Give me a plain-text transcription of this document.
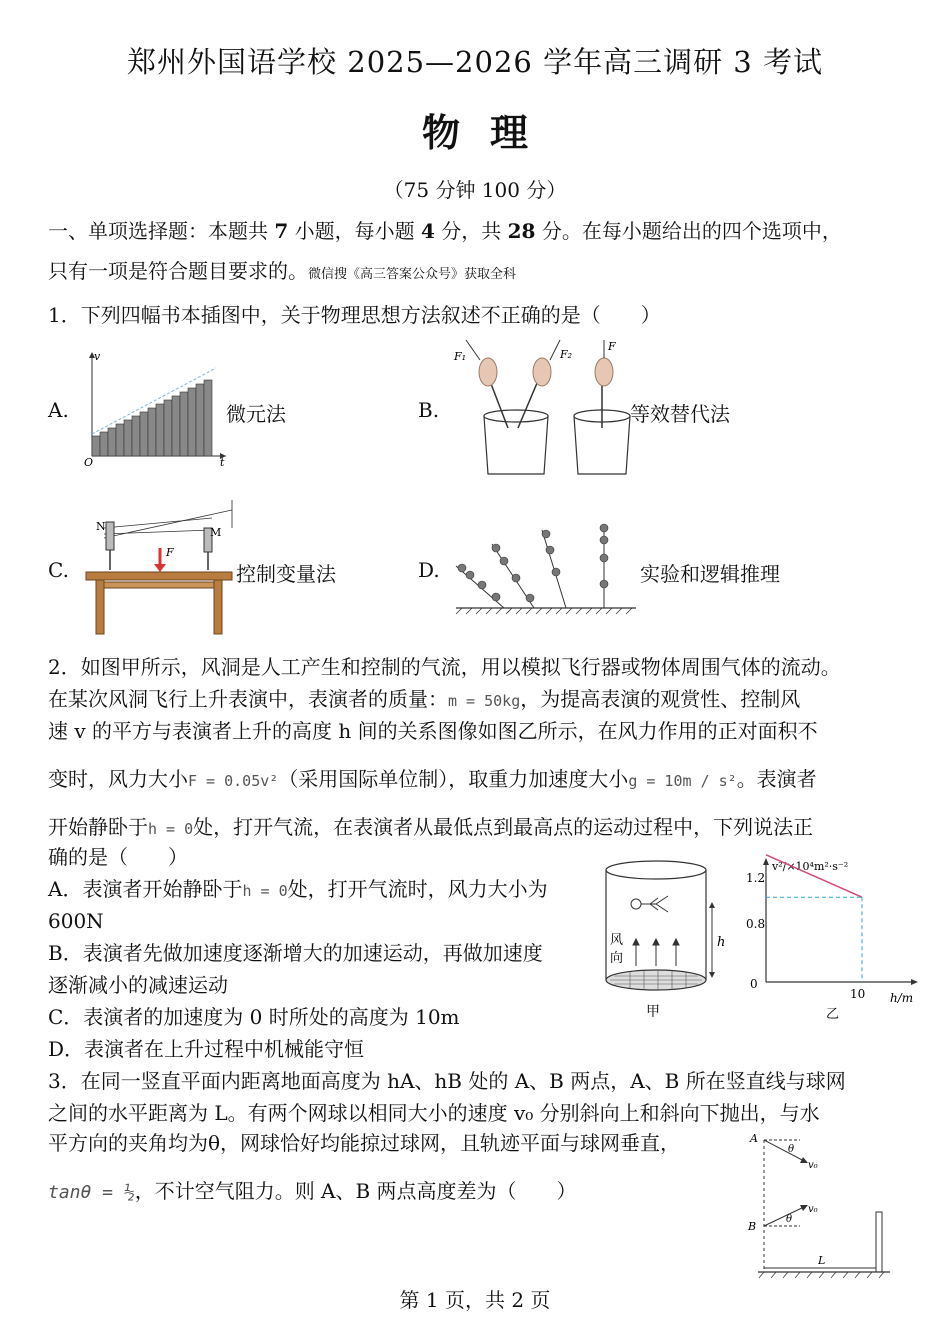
郑州外国语学校 2025—2026 学年高三调研 3 考试
物理
（75 分钟 100 分）
一、单项选择题：本题共 7 小题，每小题 4 分，共 28 分。在每小题给出的四个选项中，
只有一项是符合题目要求的。微信搜《高三答案公众号》获取全科
1．下列四幅书本插图中，关于物理思想方法叙述不正确的是（　　）
A.
v
O	t
微元法	B.
F₁	F₂
F
等效替代法
C.
N	M
F
控制变量法	D.	实验和逻辑推理
2．如图甲所示，风洞是人工产生和控制的气流，用以模拟飞行器或物体周围气体的流动。
在某次风洞飞行上升表演中，表演者的质量：m = 50kg，为提高表演的观赏性、控制风
速 v 的平方与表演者上升的高度 h 间的关系图像如图乙所示，在风力作用的正对面积不
变时，风力大小F = 0.05v²（采用国际单位制），取重力加速度大小g = 10m / s²。表演者
开始静卧于h = 0处，打开气流，在表演者从最低点到最高点的运动过程中，下列说法正
确的是（　　）
A．表演者开始静卧于h = 0处，打开气流时，风力大小为
600N
B．表演者先做加速度逐渐增大的加速运动，再做加速度
逐渐减小的减速运动
C．表演者的加速度为 0 时所处的高度为 10m
D．表演者在上升过程中机械能守恒
h
风
向
甲
v²/×10⁴m²·s⁻²
h/m
1.2
0.8
0
10
乙
3．在同一竖直平面内距离地面高度为 hA、hB 处的 A、B 两点，A、B 所在竖直线与球网
之间的水平距离为 L。有两个网球以相同大小的速度 v₀ 分别斜向上和斜向下抛出，与水
平方向的夹角均为θ，网球恰好均能掠过球网，且轨迹平面与球网垂直，
tanθ = ½，不计空气阻力。则 A、B 两点高度差为（　　）
A
B
θ
v₀
θ
v₀
L
第 1 页，共 2 页
